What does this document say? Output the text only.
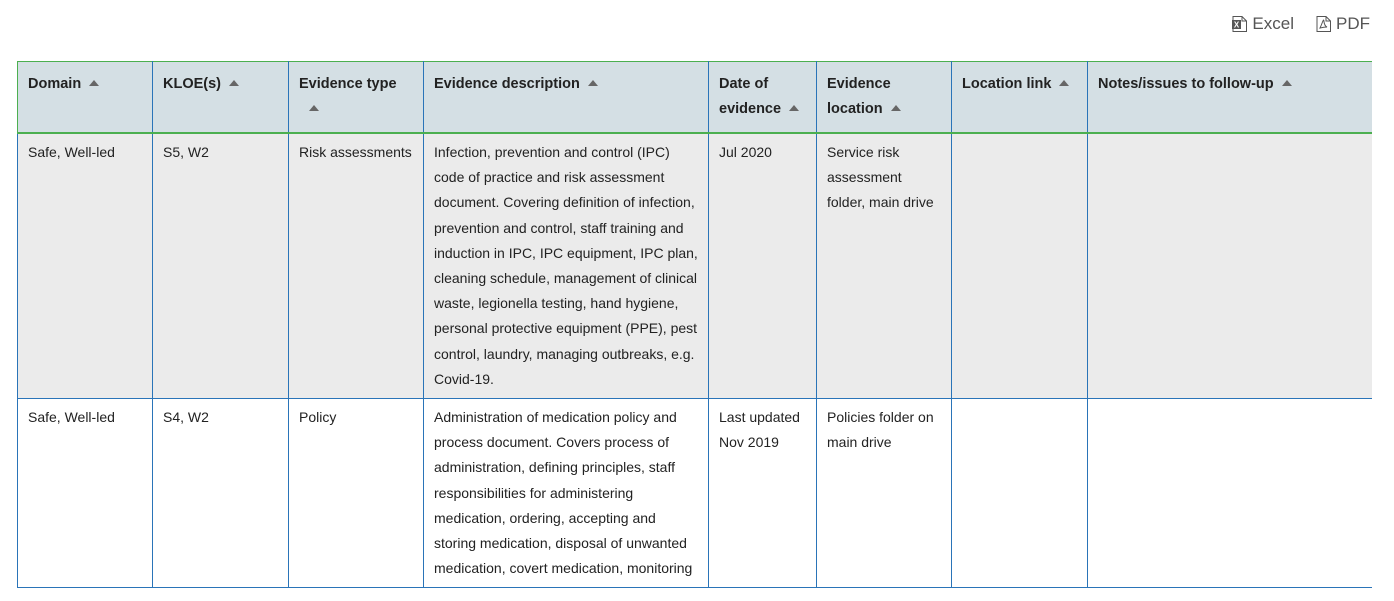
X Excel PDF
Domain	KLOE(s)	Evidence type	Evidence description	Date of evidence	Evidence location	Location link	Notes/issues to follow-up
Safe, Well-led	S5, W2	Risk assessments	Infection, prevention and control (IPC) code of practice and risk assessment document. Covering definition of infection, prevention and control, staff training and induction in IPC, IPC equipment, IPC plan, cleaning schedule, management of clinical waste, legionella testing, hand hygiene, personal protective equipment (PPE), pest control, laundry, managing outbreaks, e.g. Covid-19.	Jul 2020	Service risk assessment folder, main drive		
Safe, Well-led	S4, W2	Policy	Administration of medication policy and process document. Covers process of administration, defining principles, staff responsibilities for administering medication, ordering, accepting and storing medication, disposal of unwanted medication, covert medication, monitoring	Last updated Nov 2019	Policies folder on main drive		
